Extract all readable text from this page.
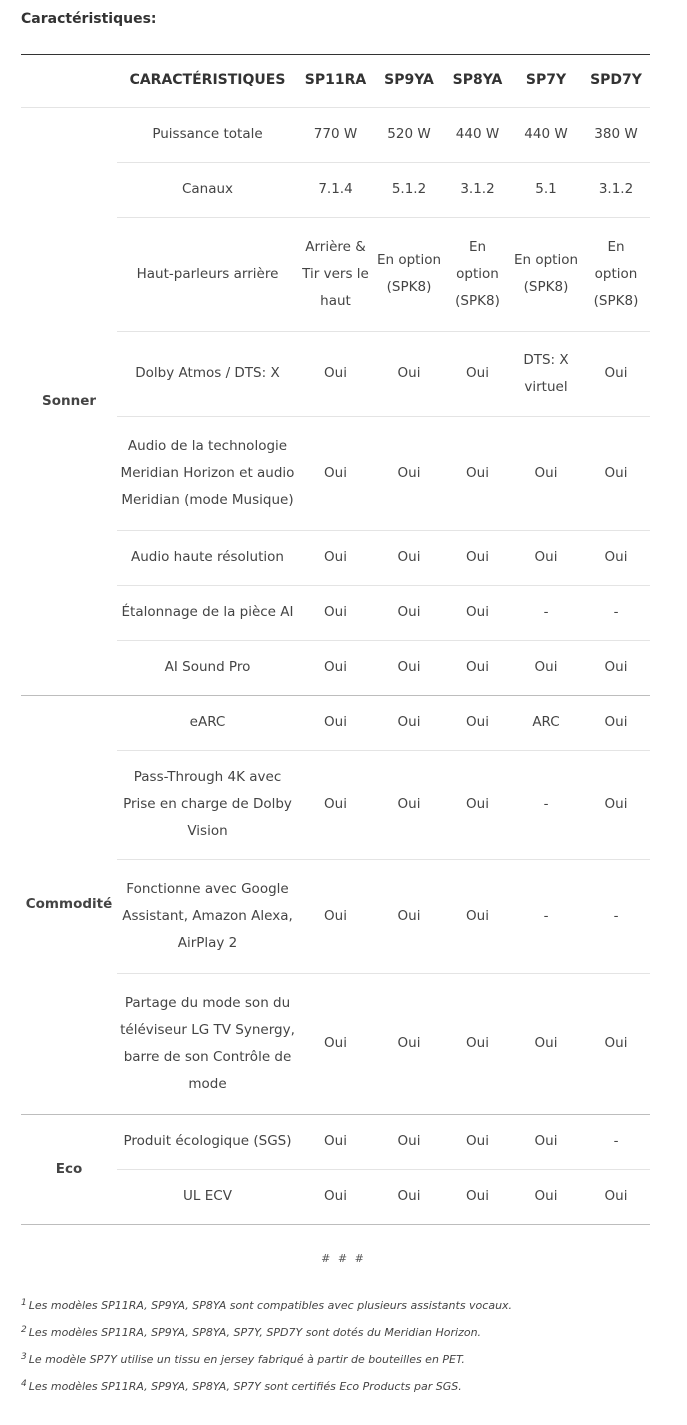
Caractéristiques:
	CARACTÉRISTIQUES	SP11RA	SP9YA	SP8YA	SP7Y	SPD7Y
Sonner	Puissance totale	770 W	520 W	440 W	440 W	380 W
	Canaux	7.1.4	5.1.2	3.1.2	5.1	3.1.2
	Haut-parleurs arrière	Arrière & Tir vers le haut	En option (SPK8)	En option (SPK8)	En option (SPK8)	En option (SPK8)
	Dolby Atmos / DTS: X	Oui	Oui	Oui	DTS: X virtuel	Oui
	Audio de la technologie Meridian Horizon et audio Meridian (mode Musique)	Oui	Oui	Oui	Oui	Oui
	Audio haute résolution	Oui	Oui	Oui	Oui	Oui
	Étalonnage de la pièce AI	Oui	Oui	Oui	-	-
	AI Sound Pro	Oui	Oui	Oui	Oui	Oui
Commodité	eARC	Oui	Oui	Oui	ARC	Oui
	Pass-Through 4K avec Prise en charge de Dolby Vision	Oui	Oui	Oui	-	Oui
	Fonctionne avec Google Assistant, Amazon Alexa, AirPlay 2	Oui	Oui	Oui	-	-
	Partage du mode son du téléviseur LG TV Synergy, barre de son Contrôle de mode	Oui	Oui	Oui	Oui	Oui
Eco	Produit écologique (SGS)	Oui	Oui	Oui	Oui	-
	UL ECV	Oui	Oui	Oui	Oui	Oui
# # #
$^1$ Les modèles SP11RA, SP9YA, SP8YA sont compatibles avec plusieurs assistants vocaux.
$^2$ Les modèles SP11RA, SP9YA, SP8YA, SP7Y, SPD7Y sont dotés du Meridian Horizon.
$^3$ Le modèle SP7Y utilise un tissu en jersey fabriqué à partir de bouteilles en PET.
$^4$ Les modèles SP11RA, SP9YA, SP8YA, SP7Y sont certifiés Eco Products par SGS.
